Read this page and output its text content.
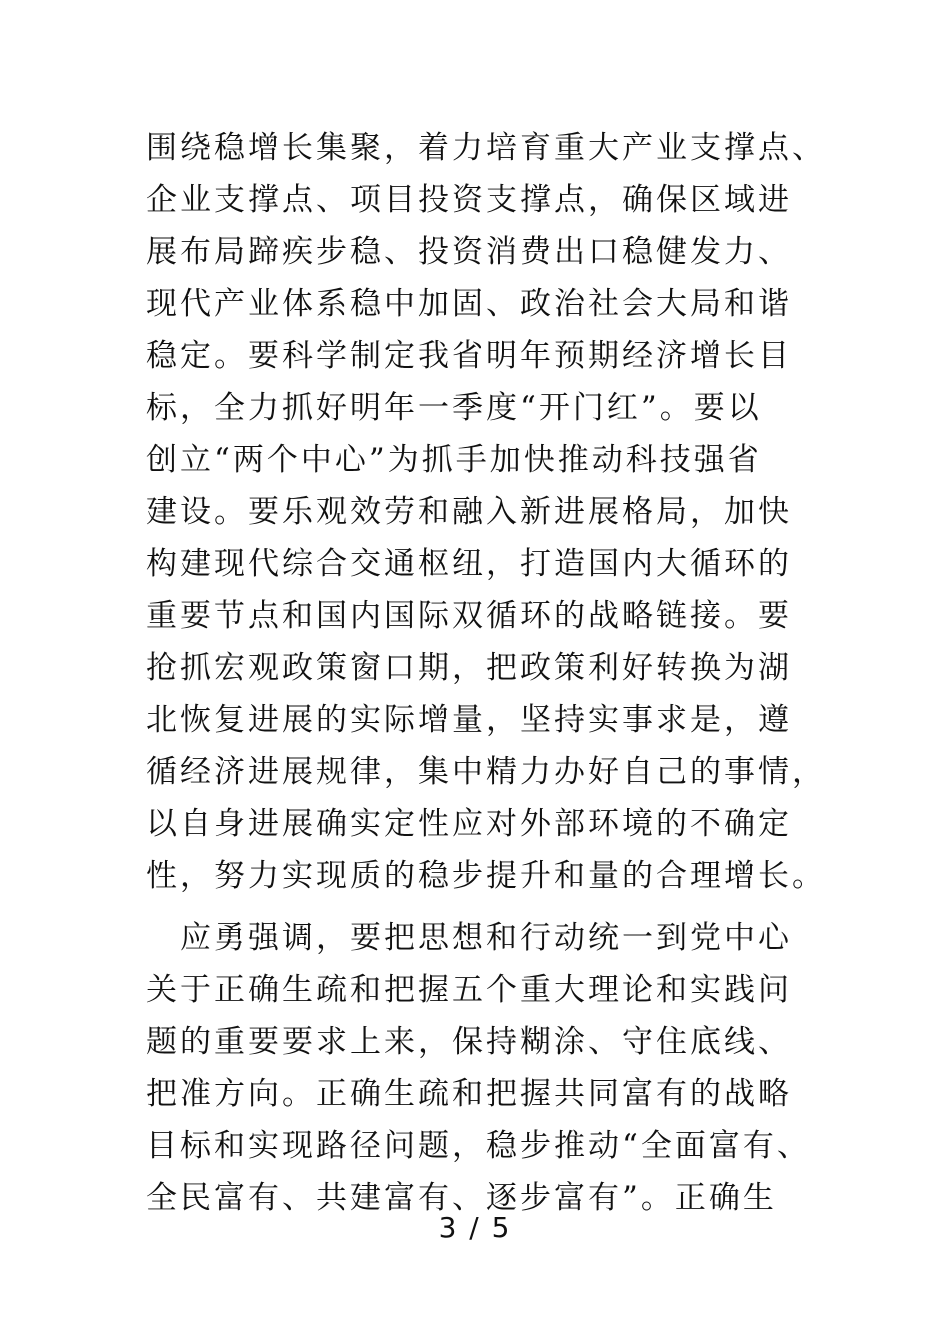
围绕稳增长集聚，着力培育重大产业支撑点、
企业支撑点、项目投资支撑点，确保区域进
展布局蹄疾步稳、投资消费出口稳健发力、
现代产业体系稳中加固、政治社会大局和谐
稳定。要科学制定我省明年预期经济增长目
标，全力抓好明年一季度“开门红”。要以
创立“两个中心”为抓手加快推动科技强省
建设。要乐观效劳和融入新进展格局，加快
构建现代综合交通枢纽，打造国内大循环的
重要节点和国内国际双循环的战略链接。要
抢抓宏观政策窗口期，把政策利好转换为湖
北恢复进展的实际增量，坚持实事求是，遵
循经济进展规律，集中精力办好自己的事情，
以自身进展确实定性应对外部环境的不确定
性，努力实现质的稳步提升和量的合理增长。
　应勇强调，要把思想和行动统一到党中心
关于正确生疏和把握五个重大理论和实践问
题的重要要求上来，保持糊涂、守住底线、
把准方向。正确生疏和把握共同富有的战略
目标和实现路径问题，稳步推动“全面富有、
全民富有、共建富有、逐步富有”。正确生
3 / 5
